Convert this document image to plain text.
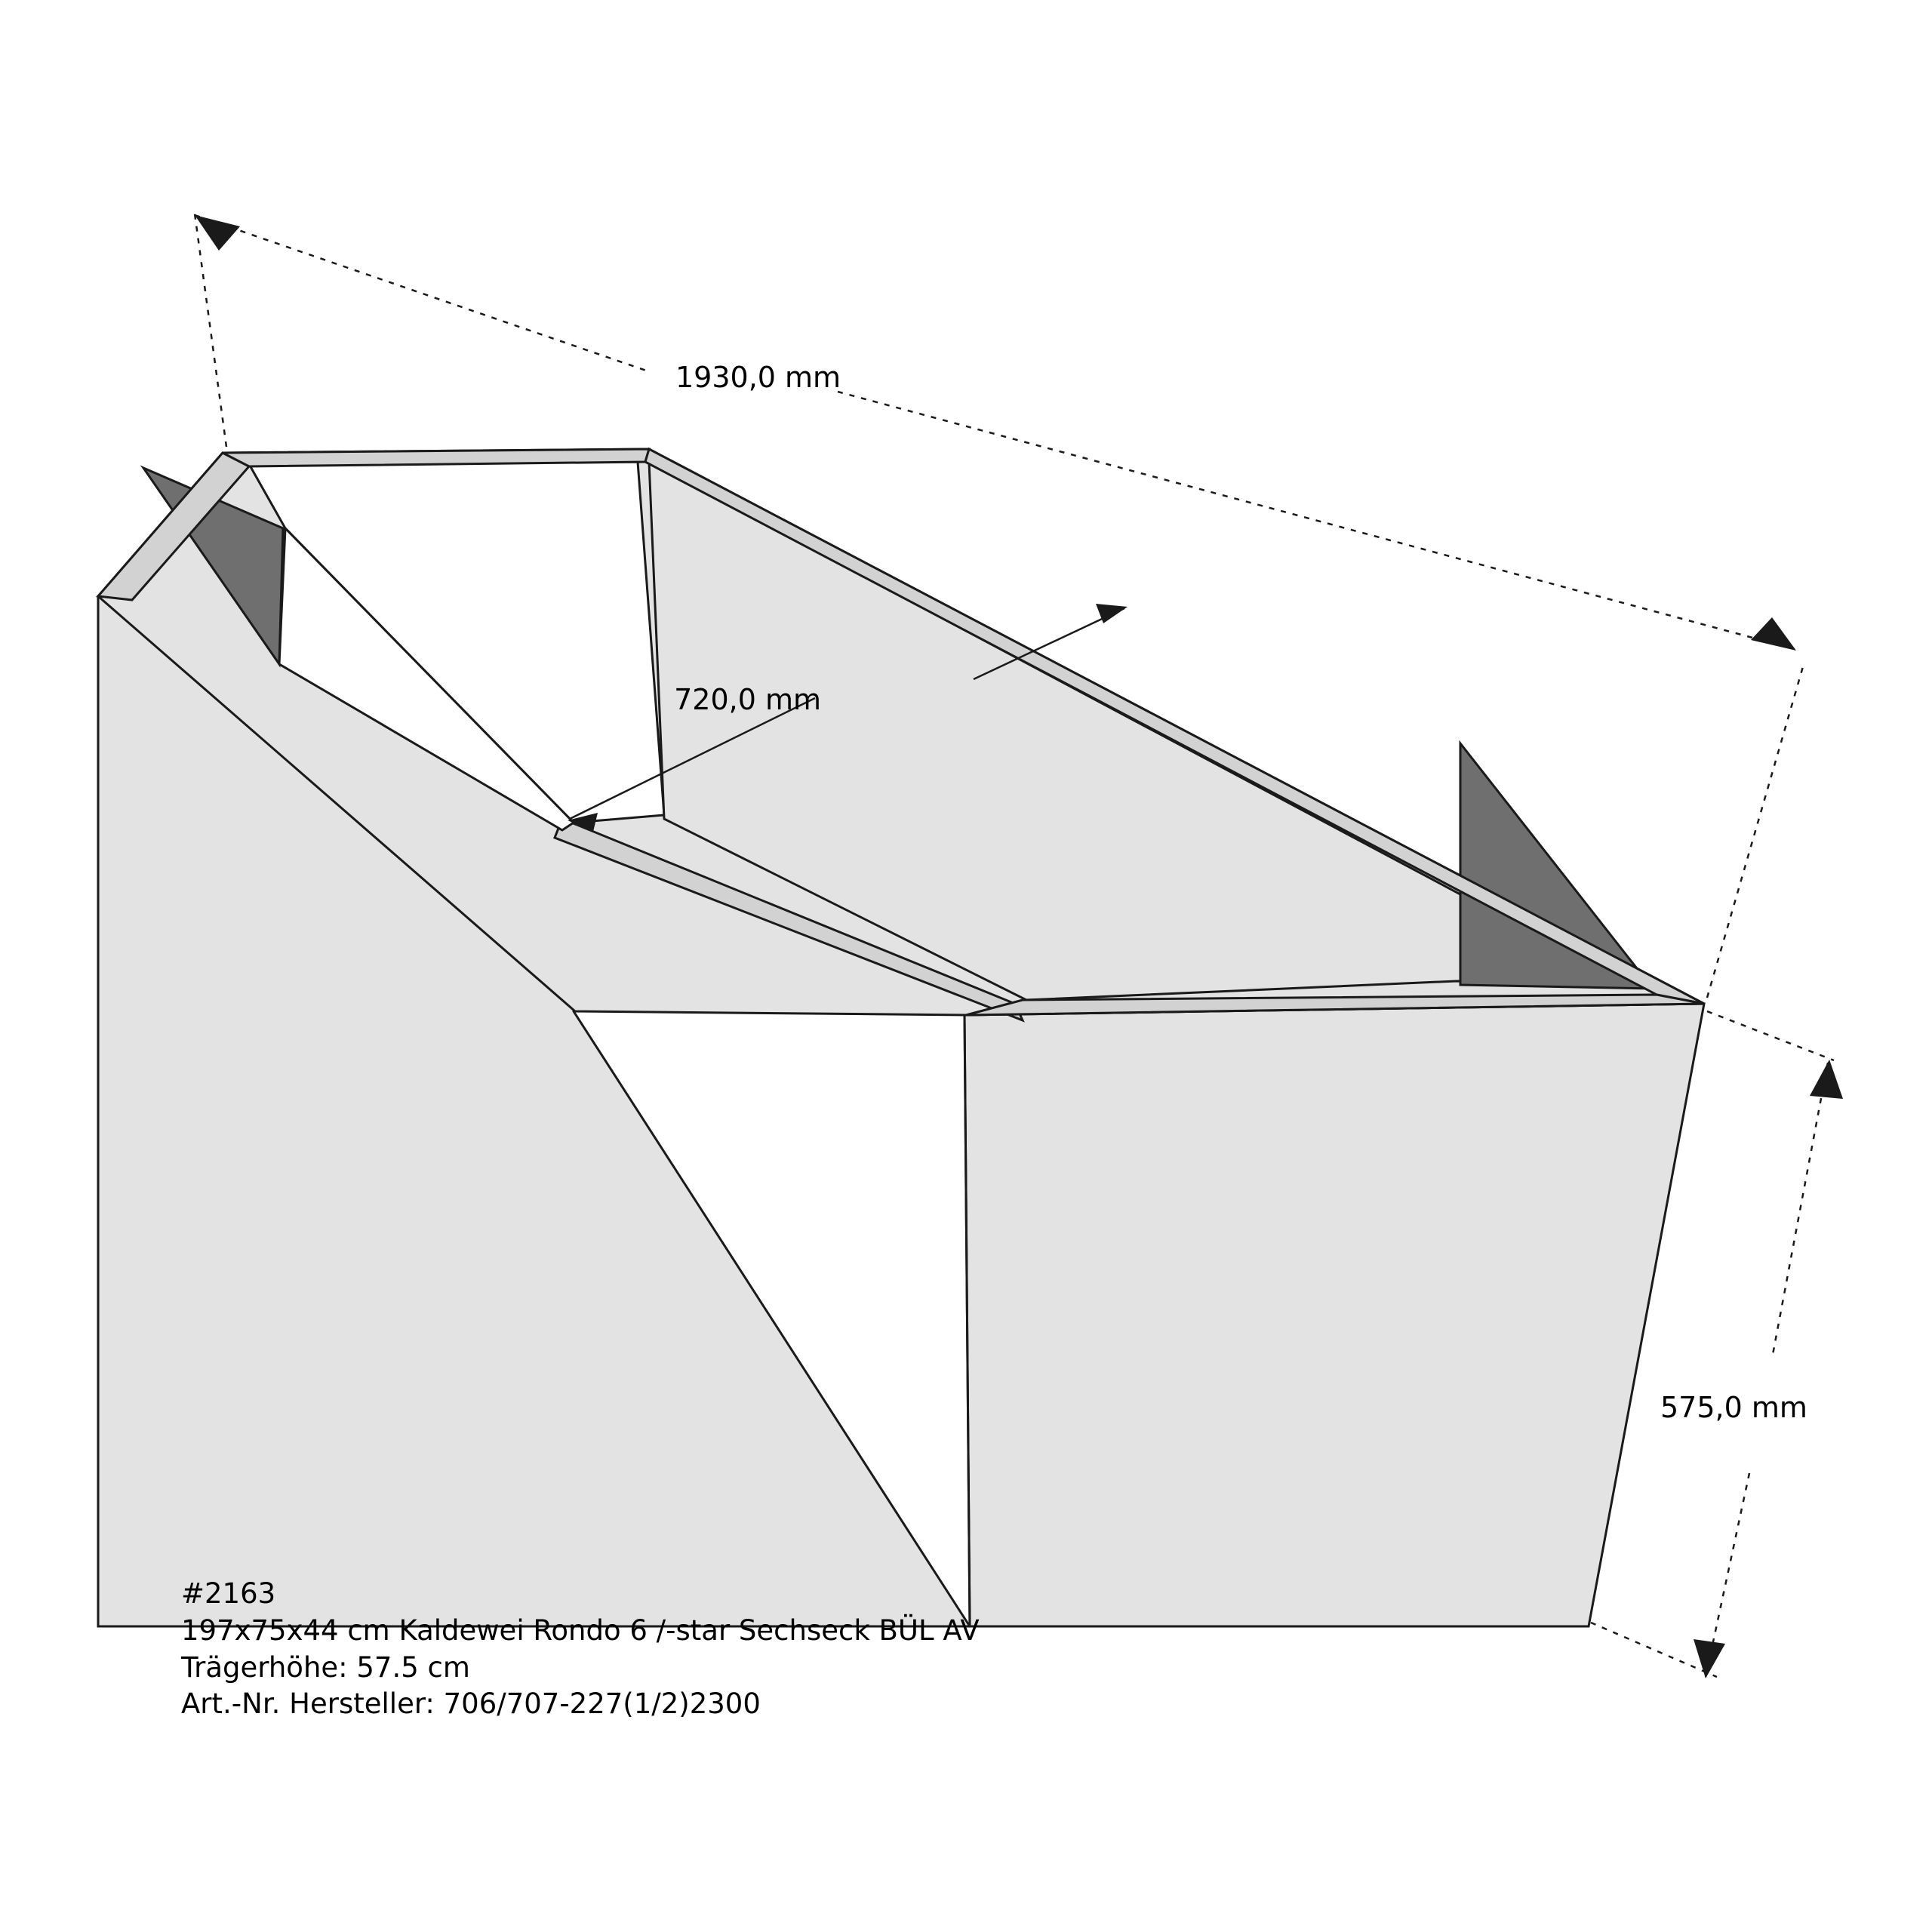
1930,0 mm
720,0 mm
575,0 mm
#2163
197x75x44 cm Kaldewei Rondo 6 /-star Sechseck BÜL AV
Trägerhöhe: 57.5 cm
Art.-Nr. Hersteller: 706/707-227(1/2)2300
